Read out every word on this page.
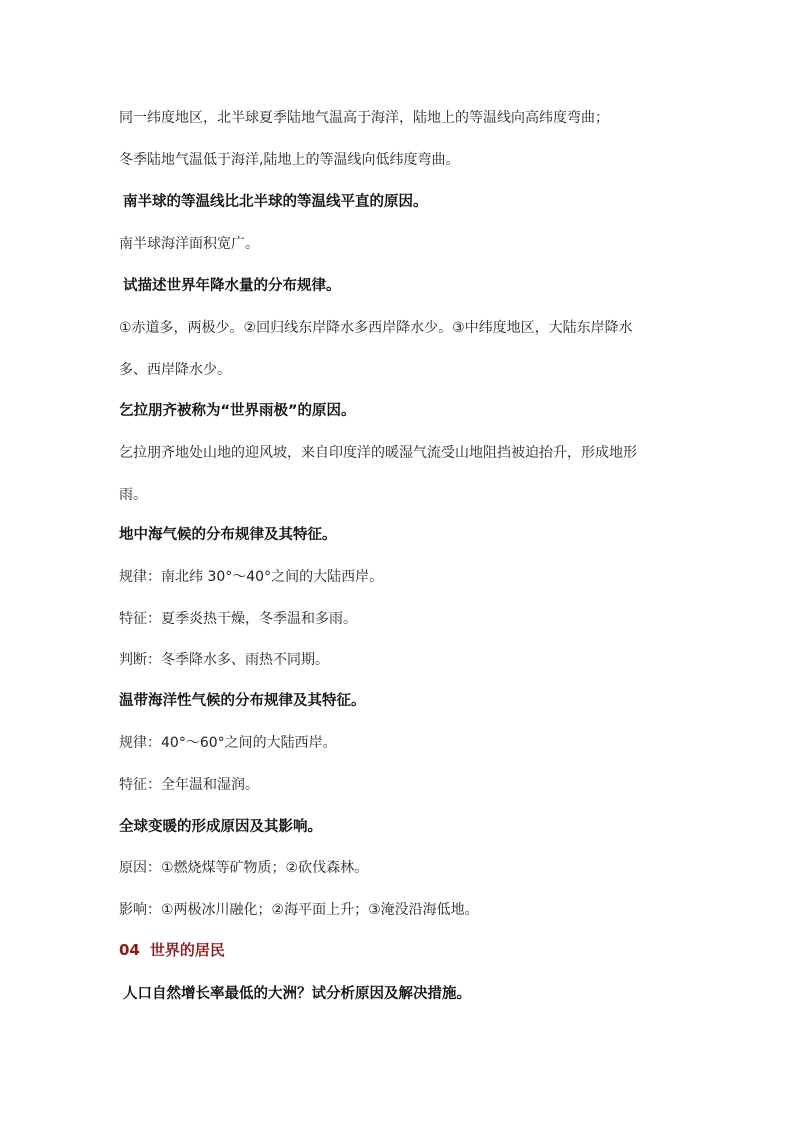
同一纬度地区，北半球夏季陆地气温高于海洋，陆地上的等温线向高纬度弯曲；
冬季陆地气温低于海洋,陆地上的等温线向低纬度弯曲。
南半球的等温线比北半球的等温线平直的原因。
南半球海洋面积宽广。
试描述世界年降水量的分布规律。
①赤道多，两极少。②回归线东岸降水多西岸降水少。③中纬度地区，大陆东岸降水
多、西岸降水少。
乞拉朋齐被称为“世界雨极”的原因。
乞拉朋齐地处山地的迎风坡，来自印度洋的暖湿气流受山地阻挡被迫抬升，形成地形
雨。
地中海气候的分布规律及其特征。
规律：南北纬 30°～40°之间的大陆西岸。
特征：夏季炎热干燥，冬季温和多雨。
判断：冬季降水多、雨热不同期。
温带海洋性气候的分布规律及其特征。
规律：40°～60°之间的大陆西岸。
特征：全年温和湿润。
全球变暖的形成原因及其影响。
原因：①燃烧煤等矿物质；②砍伐森林。
影响：①两极冰川融化；②海平面上升；③淹没沿海低地。
04 世界的居民
人口自然增长率最低的大洲？试分析原因及解决措施。
